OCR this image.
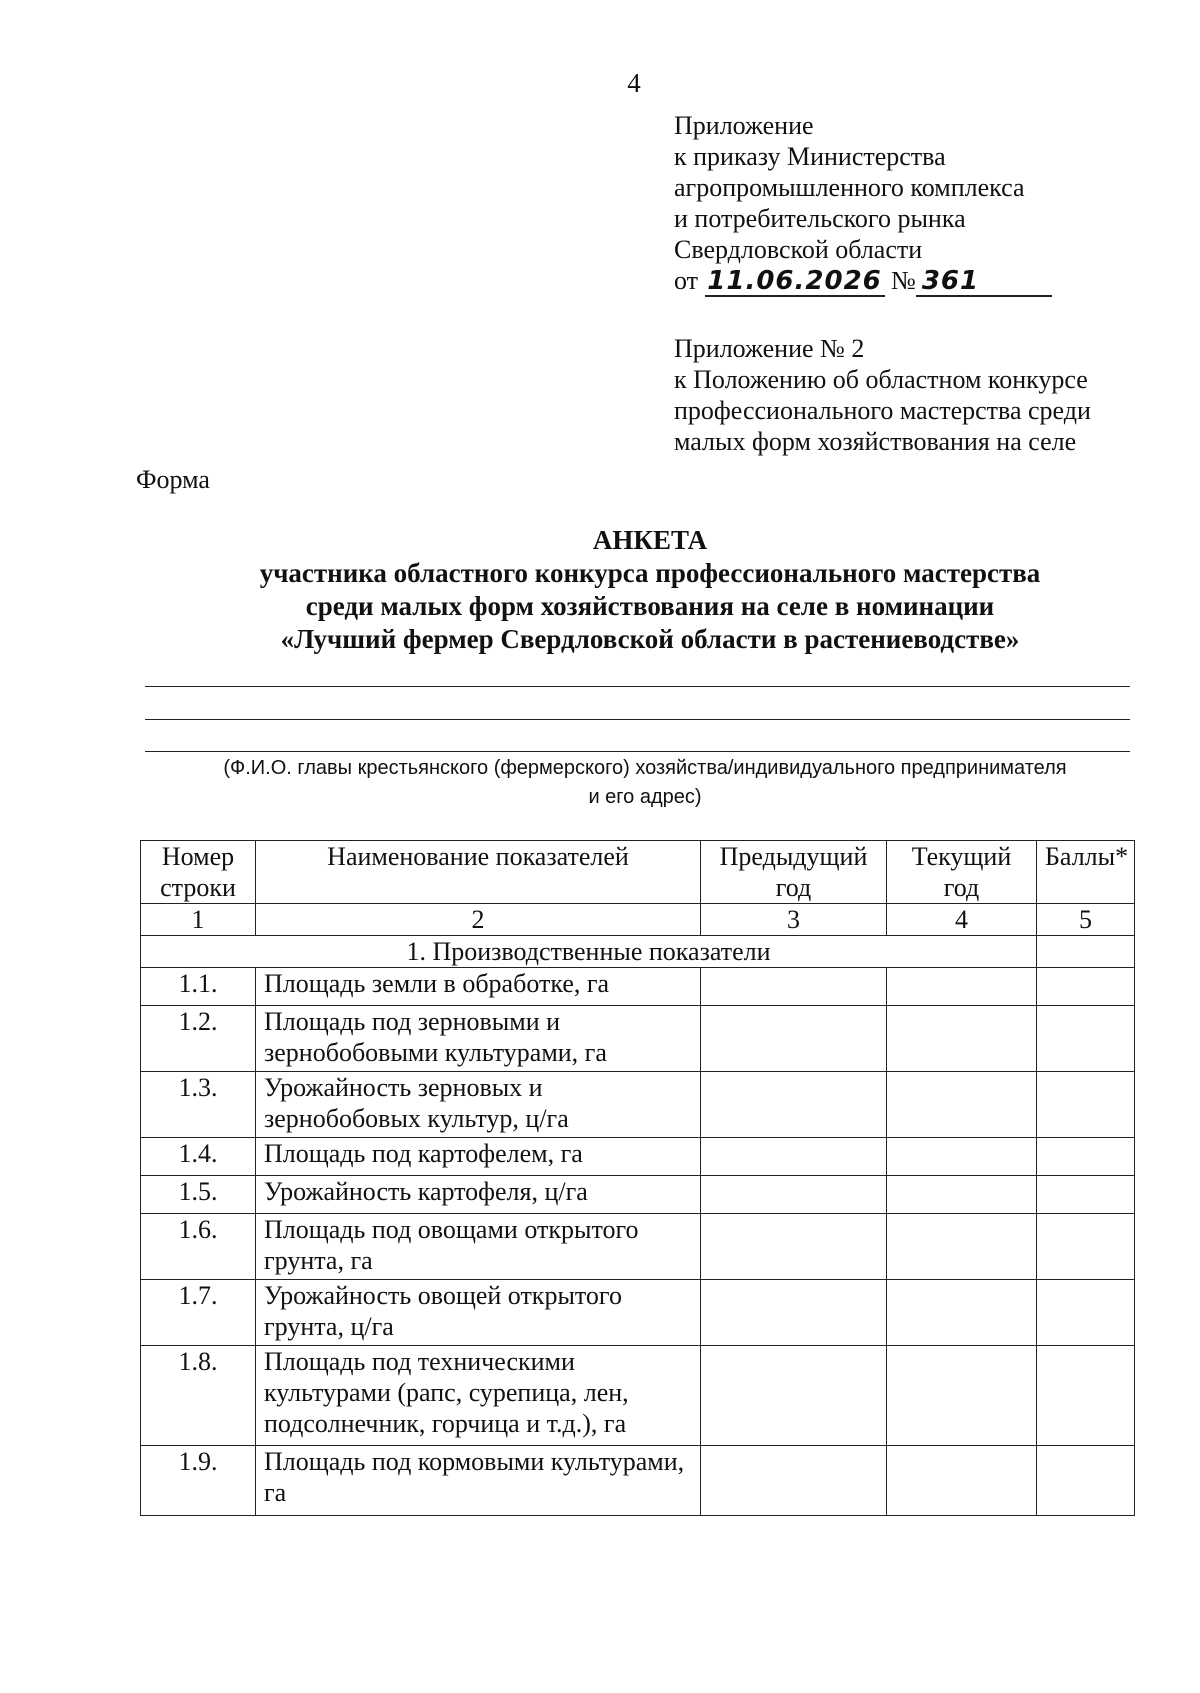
4
Приложение
к приказу Министерства
агропромышленного комплекса
и потребительского рынка
Свердловской области
от 11.06.2026 № 361
Приложение № 2
к Положению об областном конкурсе
профессионального мастерства среди
малых форм хозяйствования на селе
Форма
АНКЕТА
участника областного конкурса профессионального мастерства
среди малых форм хозяйствования на селе в номинации
«Лучший фермер Свердловской области в растениеводстве»
(Ф.И.О. главы крестьянского (фермерского) хозяйства/индивидуального предпринимателя
и его адрес)
Номер строки	Наименование показателей	Предыдущий год	Текущий год	Баллы*
1	2	3	4	5
1. Производственные показатели				
1.1.	Площадь земли в обработке, га			
1.2.	Площадь под зерновыми и зернобобовыми культурами, га			
1.3.	Урожайность зерновых и зернобобовых культур, ц/га			
1.4.	Площадь под картофелем, га			
1.5.	Урожайность картофеля, ц/га			
1.6.	Площадь под овощами открытого грунта, га			
1.7.	Урожайность овощей открытого грунта, ц/га			
1.8.	Площадь под техническими культурами (рапс, сурепица, лен, подсолнечник, горчица и т.д.), га			
1.9.	Площадь под кормовыми культурами, га			
